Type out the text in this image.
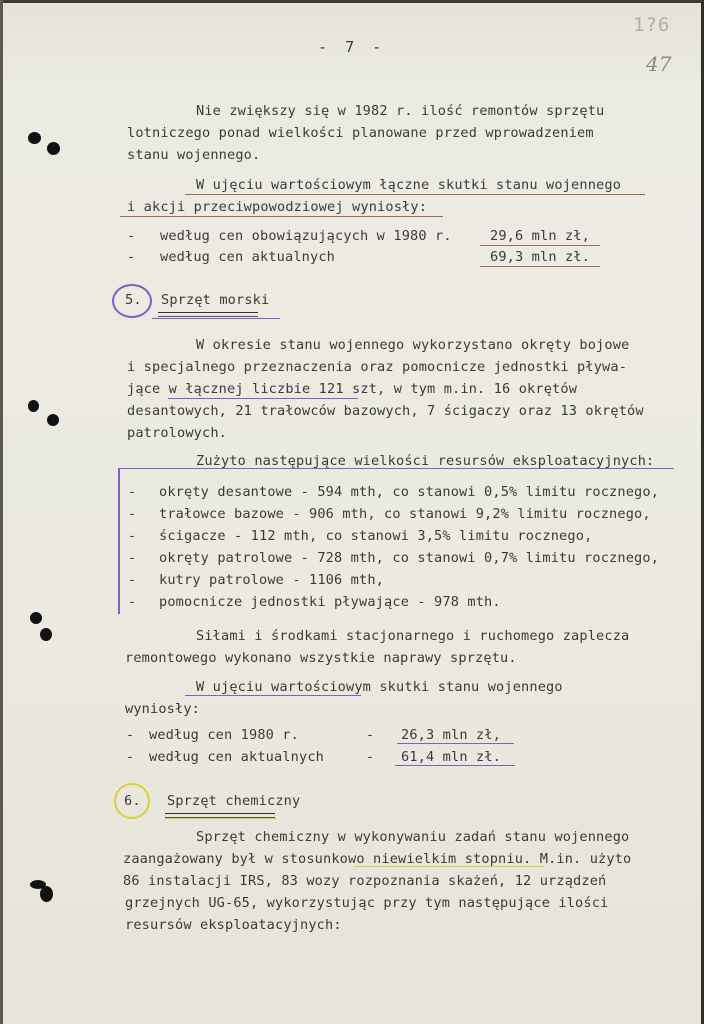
-  7  -
1?6
47
Nie zwiększy się w 1982 r. ilość remontów sprzętu
lotniczego ponad wielkości planowane przed wprowadzeniem
stanu wojennego.
W ujęciu wartościowym łączne skutki stanu wojennego
i akcji przeciwpowodziowej wyniosły:
- według cen obowiązujących w 1980 r.	29,6 mln zł,
- według cen aktualnych	69,3 mln zł.
5. Sprzęt morski
W okresie stanu wojennego wykorzystano okręty bojowe
i specjalnego przeznaczenia oraz pomocnicze jednostki pływa-
jące w łącznej liczbie 121 szt, w tym m.in. 16 okrętów
desantowych, 21 trałowców bazowych, 7 ścigaczy oraz 13 okrętów
patrolowych.
Zużyto następujące wielkości resursów eksploatacyjnych:
- okręty desantowe - 594 mth, co stanowi 0,5% limitu rocznego,
- trałowce bazowe - 906 mth, co stanowi 9,2% limitu rocznego,
- ścigacze - 112 mth, co stanowi 3,5% limitu rocznego,
- okręty patrolowe - 728 mth, co stanowi 0,7% limitu rocznego,
- kutry patrolowe - 1106 mth,
- pomocnicze jednostki pływające - 978 mth.
Siłami i środkami stacjonarnego i ruchomego zaplecza
remontowego wykonano wszystkie naprawy sprzętu.
W ujęciu wartościowym skutki stanu wojennego
wyniosły:
- według cen 1980 r.	- 26,3 mln zł,
- według cen aktualnych	- 61,4 mln zł.
6. Sprzęt chemiczny
Sprzęt chemiczny w wykonywaniu zadań stanu wojennego
zaangażowany był w stosunkowo niewielkim stopniu. M.in. użyto
86 instalacji IRS, 83 wozy rozpoznania skażeń, 12 urządzeń
grzejnych UG-65, wykorzystując przy tym następujące ilości
resursów eksploatacyjnych:
